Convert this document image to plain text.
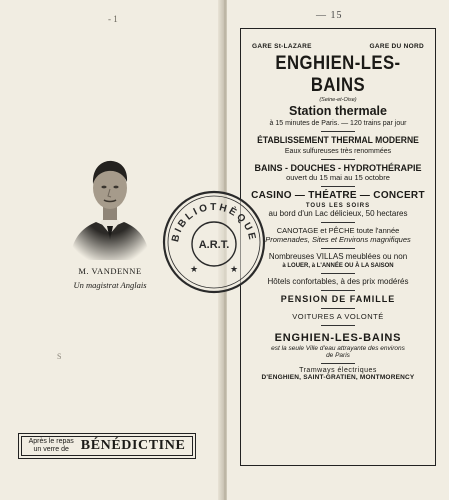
- 1
M. VANDENNE
Un magistrat Anglais
S
Après le repas
un verre de BÉNÉDICTINE
— 15
GARE St-LAZARE	GARE DU NORD
ENGHIEN-LES-BAINS
(Seine-et-Oise)
Station thermale
à 15 minutes de Paris. — 120 trains par jour
ÉTABLISSEMENT THERMAL MODERNE
Eaux sulfureuses très renommées
BAINS - DOUCHES - HYDROTHÉRAPIE
ouvert du 15 mai au 15 octobre
CASINO — THÉATRE — CONCERT
TOUS LES SOIRS
au bord d'un Lac délicieux, 50 hectares
CANOTAGE et PÊCHE toute l'année
Promenades, Sites et Environs magnifiques
Nombreuses VILLAS meublées ou non
à LOUER, à L'ANNÉE OU À LA SAISON
Hôtels confortables, à des prix modérés
PENSION DE FAMILLE
VOITURES A VOLONTÉ
ENGHIEN-LES-BAINS
est la seule Ville d'eau attrayante des environs
de Paris
Tramways électriques
D'ENGHIEN, SAINT-GRATIEN, MONTMORENCY
BIBLIOTHÈQUE
A.R.T.
★	★
